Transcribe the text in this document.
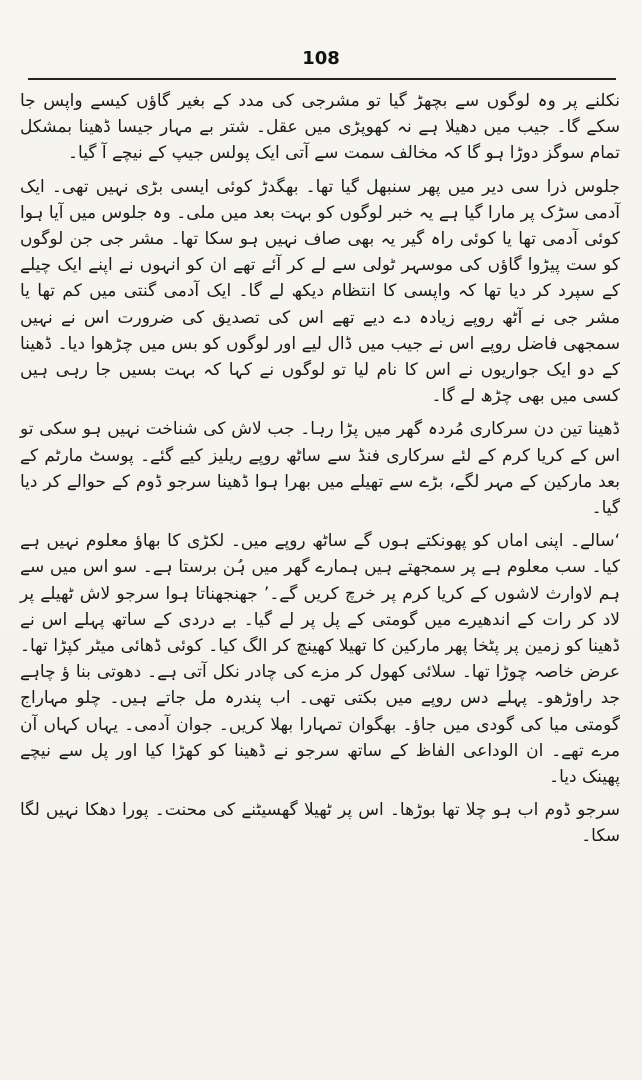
108

نکلنے پر وہ لوگوں سے بچھڑ گیا تو مشرجی کی مدد کے بغیر گاؤں کیسے واپس جا سکے گا۔ جیب میں دھیلا ہے نہ کھوپڑی میں عقل۔ شتر بے مہار جیسا ڈھینا بمشکل تمام سوگز دوڑا ہو گا کہ مخالف سمت سے آتی ایک پولس جیپ کے نیچے آ گیا۔

جلوس ذرا سی دیر میں پھر سنبھل گیا تھا۔ بھگدڑ کوئی ایسی بڑی نہیں تھی۔ ایک آدمی سڑک پر مارا گیا ہے یہ خبر لوگوں کو بہت بعد میں ملی۔ وہ جلوس میں آیا ہوا کوئی آدمی تھا یا کوئی راہ گیر یہ بھی صاف نہیں ہو سکا تھا۔ مشر جی جن لوگوں کو ست پیڑوا گاؤں کی موسہر ٹولی سے لے کر آئے تھے ان کو انہوں نے اپنے ایک چیلے کے سپرد کر دیا تھا کہ واپسی کا انتظام دیکھ لے گا۔ ایک آدمی گنتی میں کم تھا یا مشر جی نے آٹھ روپے زیادہ دے دیے تھے اس کی تصدیق کی ضرورت اس نے نہیں سمجھی فاضل روپے اس نے جیب میں ڈال لیے اور لوگوں کو بس میں چڑھوا دیا۔ ڈھینا کے دو ایک جواریوں نے اس کا نام لیا تو لوگوں نے کہا کہ بہت بسیں جا رہی ہیں کسی میں بھی چڑھ لے گا۔

ڈھینا تین دن سرکاری مُردہ گھر میں پڑا رہا۔ جب لاش کی شناخت نہیں ہو سکی تو اس کے کریا کرم کے لئے سرکاری فنڈ سے ساٹھ روپے ریلیز کیے گئے۔ پوسٹ مارٹم کے بعد مارکین کے مہر لگے، بڑے سے تھیلے میں بھرا ہوا ڈھینا سرجو ڈوم کے حوالے کر دیا گیا۔

‘سالے۔ اپنی اماں کو پھونکتے ہوں گے ساٹھ روپے میں۔ لکڑی کا بھاؤ معلوم نہیں ہے کیا۔ سب معلوم ہے پر سمجھتے ہیں ہمارے گھر میں ہُن برستا ہے۔ سو اس میں سے ہم لاوارث لاشوں کے کریا کرم پر خرچ کریں گے۔’ جھنجھناتا ہوا سرجو لاش ٹھیلے پر لاد کر رات کے اندھیرے میں گومتی کے پل پر لے گیا۔ بے دردی کے ساتھ پہلے اس نے ڈھینا کو زمین پر پٹخا پھر مارکین کا تھیلا کھینچ کر الگ کیا۔ کوئی ڈھائی میٹر کپڑا تھا۔ عرض خاصہ چوڑا تھا۔ سلائی کھول کر مزے کی چادر نکل آتی ہے۔ دھوتی بنا ؤ چاہے جد راوڑھو۔ پہلے دس روپے میں بکتی تھی۔ اب پندرہ مل جاتے ہیں۔ چلو مہاراج گومتی میا کی گودی میں جاؤ۔ بھگوان تمہارا بھلا کریں۔ جوان آدمی۔ یہاں کہاں آن مرے تھے۔ ان الوداعی الفاظ کے ساتھ سرجو نے ڈھینا کو کھڑا کیا اور پل سے نیچے پھینک دیا۔

سرجو ڈوم اب ہو چلا تھا بوڑھا۔ اس پر ٹھیلا گھسیٹنے کی محنت۔ پورا دھکا نہیں لگا سکا۔
